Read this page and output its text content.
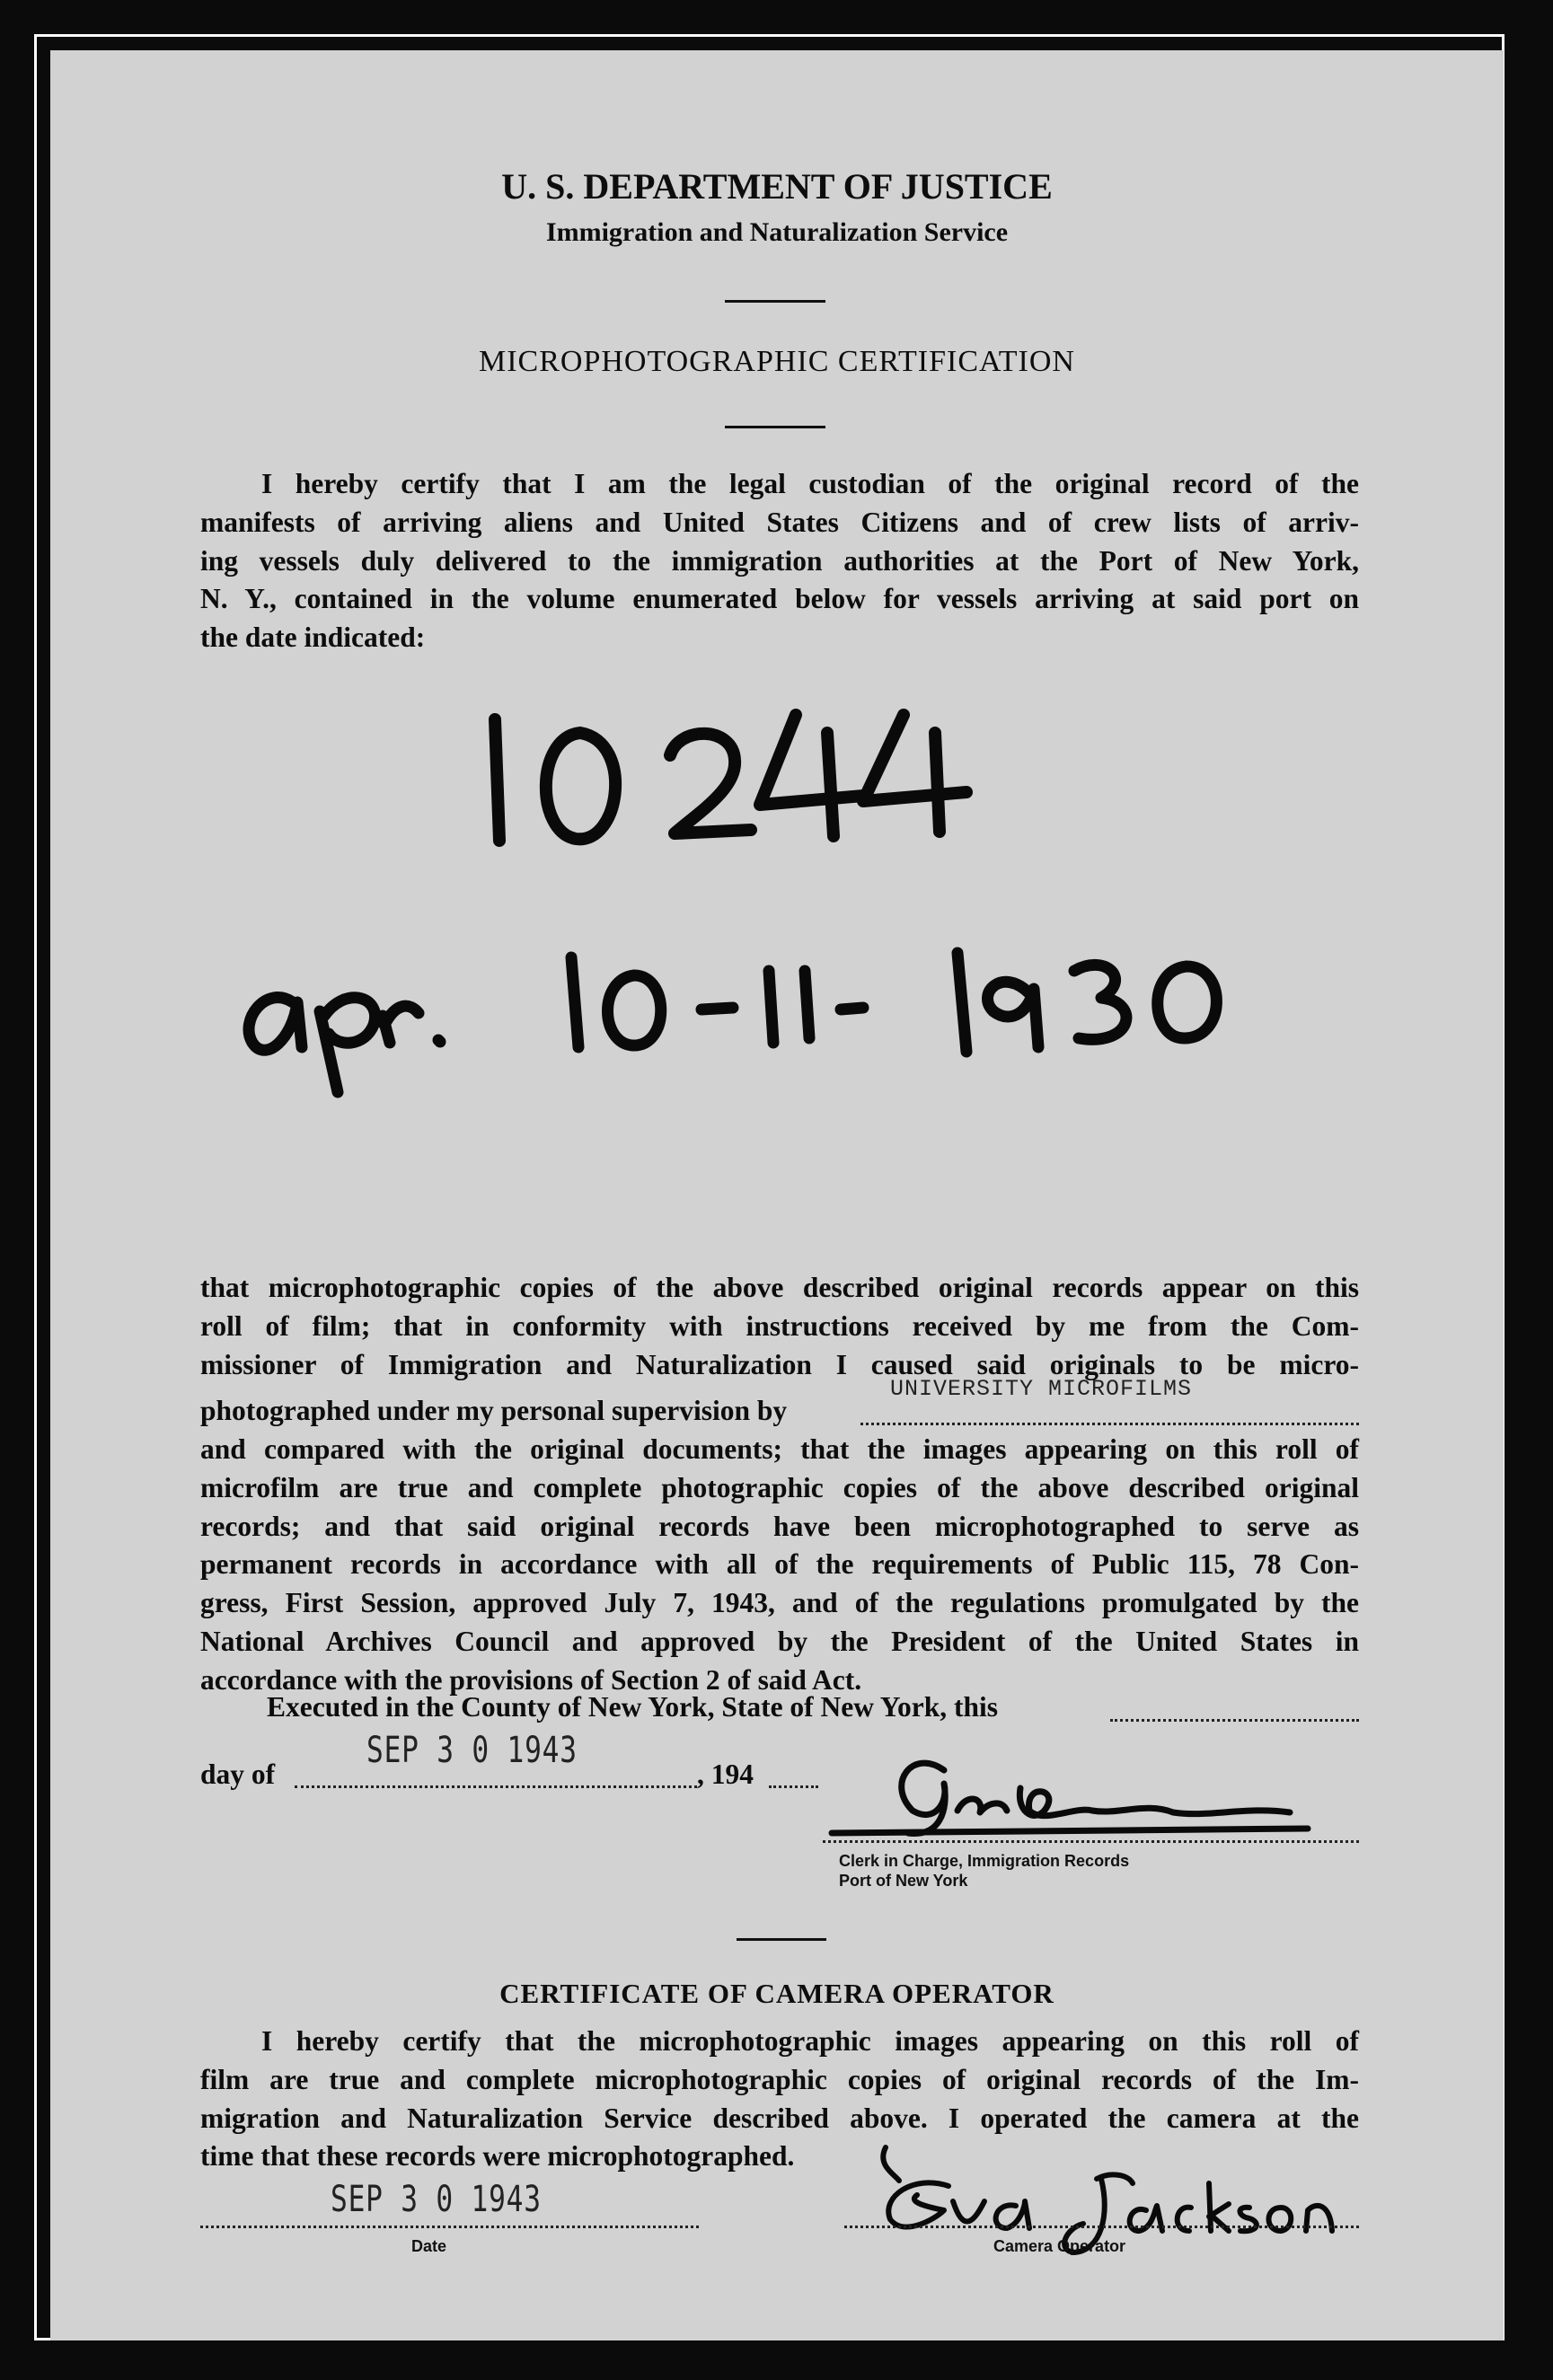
U. S. DEPARTMENT OF JUSTICE
Immigration and Naturalization Service
MICROPHOTOGRAPHIC CERTIFICATION
I hereby certify that I am the legal custodian of the original record of the
manifests of arriving aliens and United States Citizens and of crew lists of arriv-
ing vessels duly delivered to the immigration authorities at the Port of New York,
N. Y., contained in the volume enumerated below for vessels arriving at said port on
the date indicated:
that microphotographic copies of the above described original records appear on this
roll of film; that in conformity with instructions received by me from the Com-
missioner of Immigration and Naturalization I caused said originals to be micro-
photographed under my personal supervision by
UNIVERSITY MICROFILMS
and compared with the original documents; that the images appearing on this roll of
microfilm are true and complete photographic copies of the above described original
records; and that said original records have been microphotographed to serve as
permanent records in accordance with all of the requirements of Public 115, 78 Con-
gress, First Session, approved July 7, 1943, and of the regulations promulgated by the
National Archives Council and approved by the President of the United States in
accordance with the provisions of Section 2 of said Act.
Executed in the County of New York, State of New York, this
day of
SEP 3 0 1943
, 194
Clerk in Charge, Immigration Records
Port of New York
CERTIFICATE OF CAMERA OPERATOR
I hereby certify that the microphotographic images appearing on this roll of
film are true and complete microphotographic copies of original records of the Im-
migration and Naturalization Service described above. I operated the camera at the
time that these records were microphotographed.
SEP 3 0 1943
Date	Camera Operator
